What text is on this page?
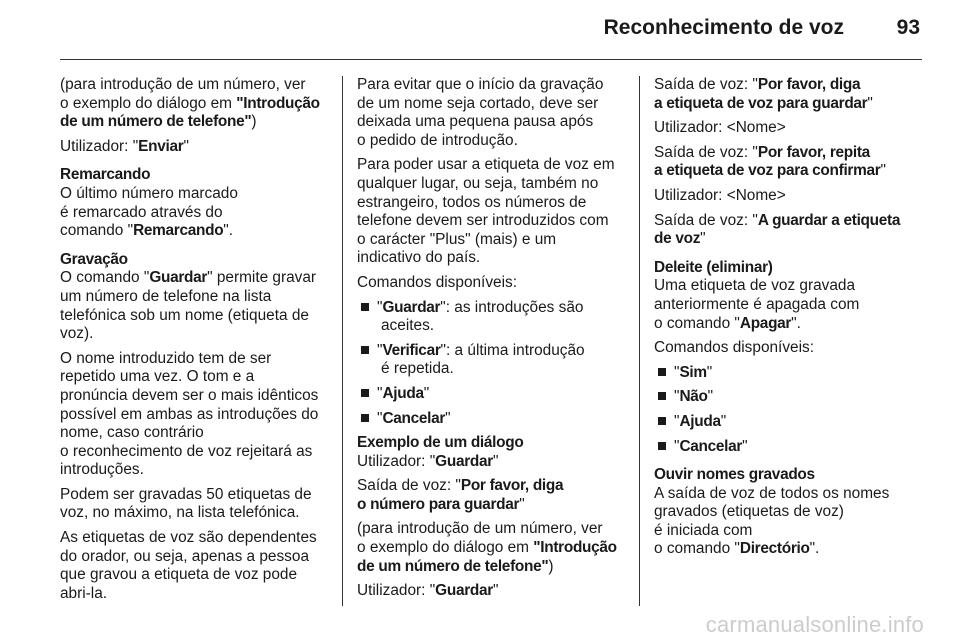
Reconhecimento de voz	93

(para introdução de um número, ver
o exemplo do diálogo em "Introdução
de um número de telefone")

Utilizador: "Enviar"

Remarcando

O último número marcado
é remarcado através do
comando "Remarcando".

Gravação

O comando "Guardar" permite gravar
um número de telefone na lista
telefónica sob um nome (etiqueta de
voz).

O nome introduzido tem de ser
repetido uma vez. O tom e a
pronúncia devem ser o mais idênticos
possível em ambas as introduções do
nome, caso contrário
o reconhecimento de voz rejeitará as
introduções.

Podem ser gravadas 50 etiquetas de
voz, no máximo, na lista telefónica.

As etiquetas de voz são dependentes
do orador, ou seja, apenas a pessoa
que gravou a etiqueta de voz pode
abri-la.

Para evitar que o início da gravação
de um nome seja cortado, deve ser
deixada uma pequena pausa após
o pedido de introdução.

Para poder usar a etiqueta de voz em
qualquer lugar, ou seja, também no
estrangeiro, todos os números de
telefone devem ser introduzidos com
o carácter "Plus" (mais) e um
indicativo do país.

Comandos disponíveis:

"Guardar": as introduções são
aceites.
"Verificar": a última introdução
é repetida.
"Ajuda"
"Cancelar"
Exemplo de um diálogo

Utilizador: "Guardar"

Saída de voz: "Por favor, diga
o número para guardar"

(para introdução de um número, ver
o exemplo do diálogo em "Introdução
de um número de telefone")

Utilizador: "Guardar"

Saída de voz: "Por favor, diga
a etiqueta de voz para guardar"

Utilizador: <Nome>

Saída de voz: "Por favor, repita
a etiqueta de voz para confirmar"

Utilizador: <Nome>

Saída de voz: "A guardar a etiqueta
de voz"

Deleite (eliminar)

Uma etiqueta de voz gravada
anteriormente é apagada com
o comando "Apagar".

Comandos disponíveis:

"Sim"
"Não"
"Ajuda"
"Cancelar"
Ouvir nomes gravados

A saída de voz de todos os nomes
gravados (etiquetas de voz)
é iniciada com
o comando "Directório".

carmanualsonline.info
